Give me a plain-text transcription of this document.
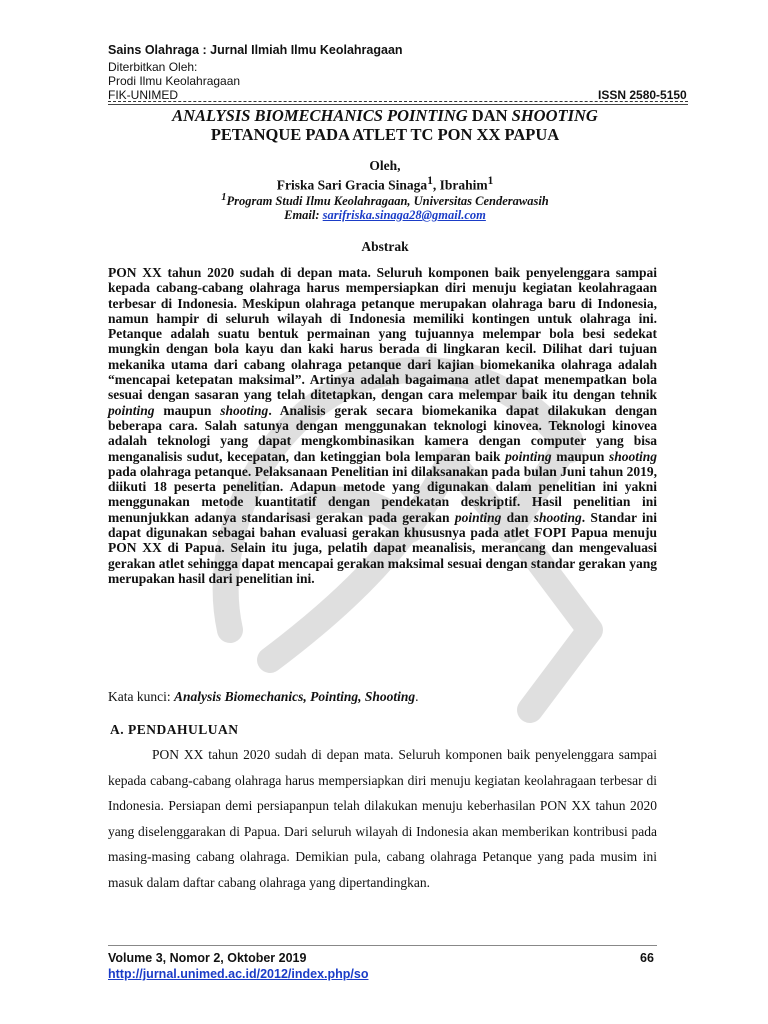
Sains Olahraga : Jurnal Ilmiah Ilmu Keolahragaan
Diterbitkan Oleh:
Prodi Ilmu Keolahragaan
FIK-UNIMED	ISSN 2580-5150
ANALYSIS BIOMECHANICS POINTING DAN SHOOTING
PETANQUE PADA ATLET TC PON XX PAPUA
Oleh,
Friska Sari Gracia Sinaga$^1$, Ibrahim$^1$
$^1$Program Studi Ilmu Keolahragaan, Universitas Cenderawasih
Email: sarifriska.sinaga28@gmail.com
Abstrak
PON XX tahun 2020 sudah di depan mata. Seluruh komponen baik penyelenggara sampai kepada cabang-cabang olahraga harus mempersiapkan diri menuju kegiatan keolahragaan terbesar di Indonesia. Meskipun olahraga petanque merupakan olahraga baru di Indonesia, namun hampir di seluruh wilayah di Indonesia memiliki kontingen untuk olahraga ini. Petanque adalah suatu bentuk permainan yang tujuannya melempar bola besi sedekat mungkin dengan bola kayu dan kaki harus berada di lingkaran kecil. Dilihat dari tujuan mekanika utama dari cabang olahraga petanque dari kajian biomekanika olahraga adalah “mencapai ketepatan maksimal”. Artinya adalah bagaimana atlet dapat menempatkan bola sesuai dengan sasaran yang telah ditetapkan, dengan cara melempar baik itu dengan tehnik pointing maupun shooting. Analisis gerak secara biomekanika dapat dilakukan dengan beberapa cara. Salah satunya dengan menggunakan teknologi kinovea. Teknologi kinovea adalah teknologi yang dapat mengkombinasikan kamera dengan computer yang bisa menganalisis sudut, kecepatan, dan ketinggian bola lemparan baik pointing maupun shooting pada olahraga petanque. Pelaksanaan Penelitian ini dilaksanakan pada bulan Juni tahun 2019, diikuti 18 peserta penelitian. Adapun metode yang digunakan dalam penelitian ini yakni menggunakan metode kuantitatif dengan pendekatan deskriptif. Hasil penelitian ini menunjukkan adanya standarisasi gerakan pada gerakan pointing dan shooting. Standar ini dapat digunakan sebagai bahan evaluasi gerakan khususnya pada atlet FOPI Papua menuju PON XX di Papua. Selain itu juga, pelatih dapat meanalisis, merancang dan mengevaluasi gerakan atlet sehingga dapat mencapai gerakan maksimal sesuai dengan standar gerakan yang merupakan hasil dari penelitian ini.
Kata kunci: Analysis Biomechanics, Pointing, Shooting.
A. PENDAHULUAN
PON XX tahun 2020 sudah di depan mata. Seluruh komponen baik penyelenggara sampai kepada cabang-cabang olahraga harus mempersiapkan diri menuju kegiatan keolahragaan terbesar di Indonesia. Persiapan demi persiapanpun telah dilakukan menuju keberhasilan PON XX tahun 2020 yang diselenggarakan di Papua. Dari seluruh wilayah di Indonesia akan memberikan kontribusi pada masing-masing cabang olahraga. Demikian pula, cabang olahraga Petanque yang pada musim ini masuk dalam daftar cabang olahraga yang dipertandingkan.
Volume 3, Nomor 2, Oktober 2019	66
http://jurnal.unimed.ac.id/2012/index.php/so
